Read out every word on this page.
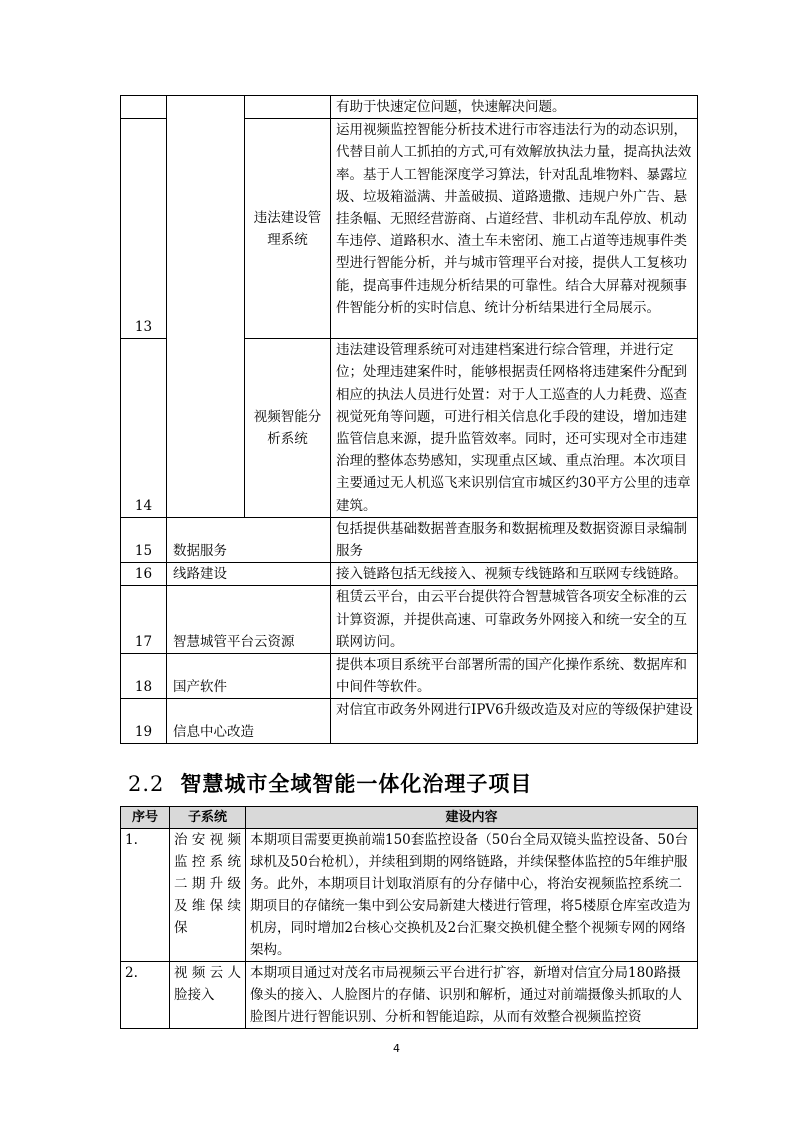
			有助于快速定位问题，快速解决问题。
13		违法建设管理系统	运用视频监控智能分析技术进行市容违法行为的动态识别，代替目前人工抓拍的方式,可有效解放执法力量，提高执法效率。基于人工智能深度学习算法，针对乱乱堆物料、暴露垃圾、垃圾箱溢满、井盖破损、道路遗撒、违规户外广告、悬挂条幅、无照经营游商、占道经营、非机动车乱停放、机动车违停、道路积水、渣土车未密闭、施工占道等违规事件类型进行智能分析，并与城市管理平台对接，提供人工复核功能，提高事件违规分析结果的可靠性。结合大屏幕对视频事件智能分析的实时信息、统计分析结果进行全局展示。
14		视频智能分析系统	违法建设管理系统可对违建档案进行综合管理，并进行定位；处理违建案件时，能够根据责任网格将违建案件分配到相应的执法人员进行处置：对于人工巡查的人力耗费、巡查视觉死角等问题，可进行相关信息化手段的建设，增加违建监管信息来源，提升监管效率。同时，还可实现对全市违建治理的整体态势感知，实现重点区域、重点治理。本次项目主要通过无人机巡飞来识别信宜市城区约30平方公里的违章建筑。
15	数据服务		包括提供基础数据普查服务和数据梳理及数据资源目录编制服务
16	线路建设		接入链路包括无线接入、视频专线链路和互联网专线链路。
17	智慧城管平台云资源		租赁云平台，由云平台提供符合智慧城管各项安全标准的云计算资源，并提供高速、可靠政务外网接入和统一安全的互联网访问。
18	国产软件		提供本项目系统平台部署所需的国产化操作系统、数据库和中间件等软件。
19	信息中心改造		对信宜市政务外网进行IPV6升级改造及对应的等级保护建设
2.2 智慧城市全域智能一体化治理子项目
序号	子系统	建设内容
1.	治安视频监控系统二期升级及维保续保	本期项目需要更换前端150套监控设备（50台全局双镜头监控设备、50台球机及50台枪机），并续租到期的网络链路，并续保整体监控的5年维护服务。此外，本期项目计划取消原有的分存储中心，将治安视频监控系统二期项目的存储统一集中到公安局新建大楼进行管理，将5楼原仓库室改造为机房，同时增加2台核心交换机及2台汇聚交换机健全整个视频专网的网络架构。
2.	视频云人脸接入	本期项目通过对茂名市局视频云平台进行扩容，新增对信宜分局180路摄像头的接入、人脸图片的存储、识别和解析，通过对前端摄像头抓取的人脸图片进行智能识别、分析和智能追踪，从而有效整合视频监控资
4
